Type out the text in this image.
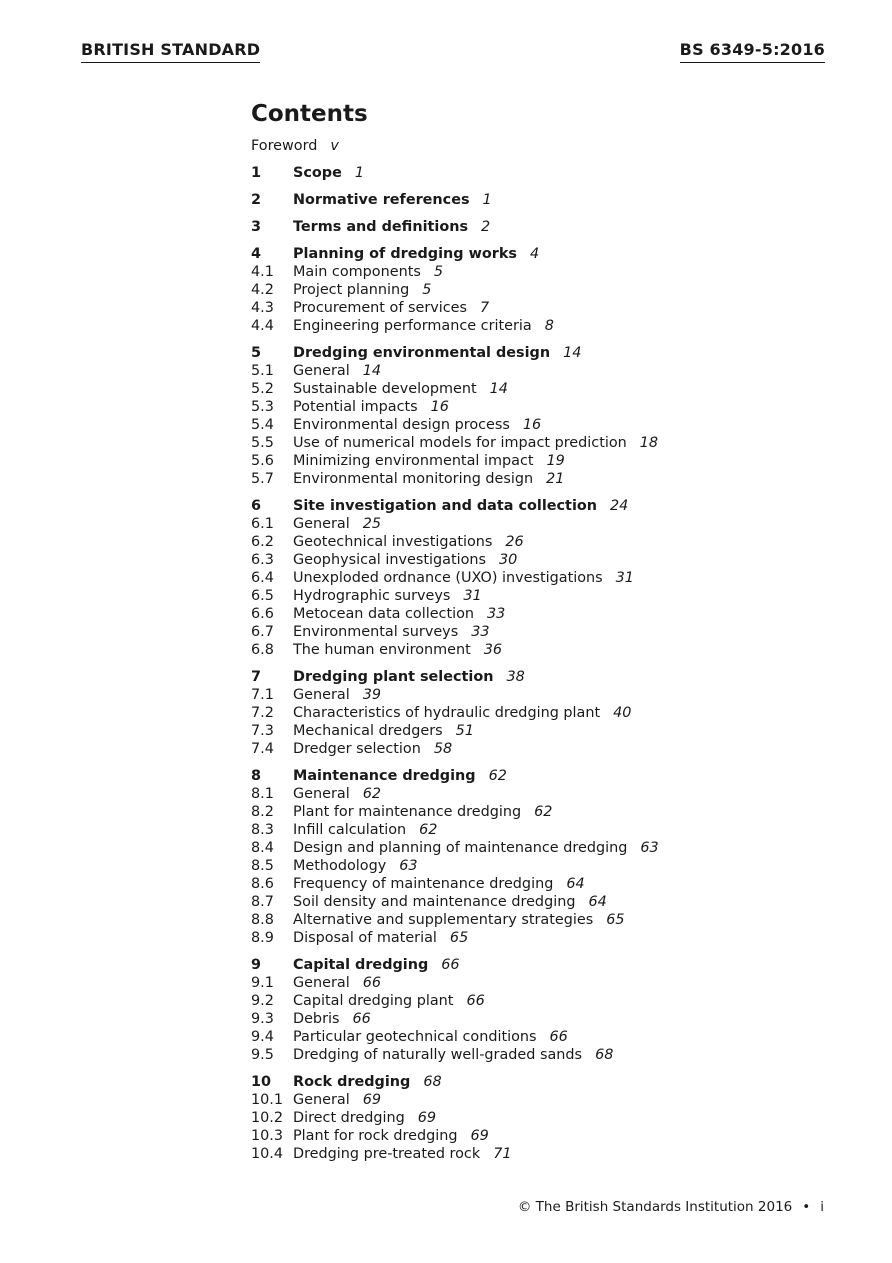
BRITISH STANDARD	BS 6349-5:2016
Contents
Foreword v
1	Scope 1
2	Normative references 1
3	Terms and definitions 2
4	Planning of dredging works 4
4.1	Main components 5
4.2	Project planning 5
4.3	Procurement of services 7
4.4	Engineering performance criteria 8
5	Dredging environmental design 14
5.1	General 14
5.2	Sustainable development 14
5.3	Potential impacts 16
5.4	Environmental design process 16
5.5	Use of numerical models for impact prediction 18
5.6	Minimizing environmental impact 19
5.7	Environmental monitoring design 21
6	Site investigation and data collection 24
6.1	General 25
6.2	Geotechnical investigations 26
6.3	Geophysical investigations 30
6.4	Unexploded ordnance (UXO) investigations 31
6.5	Hydrographic surveys 31
6.6	Metocean data collection 33
6.7	Environmental surveys 33
6.8	The human environment 36
7	Dredging plant selection 38
7.1	General 39
7.2	Characteristics of hydraulic dredging plant 40
7.3	Mechanical dredgers 51
7.4	Dredger selection 58
8	Maintenance dredging 62
8.1	General 62
8.2	Plant for maintenance dredging 62
8.3	Infill calculation 62
8.4	Design and planning of maintenance dredging 63
8.5	Methodology 63
8.6	Frequency of maintenance dredging 64
8.7	Soil density and maintenance dredging 64
8.8	Alternative and supplementary strategies 65
8.9	Disposal of material 65
9	Capital dredging 66
9.1	General 66
9.2	Capital dredging plant 66
9.3	Debris 66
9.4	Particular geotechnical conditions 66
9.5	Dredging of naturally well-graded sands 68
10	Rock dredging 68
10.1 General 69
10.2 Direct dredging 69
10.3 Plant for rock dredging 69
10.4 Dredging pre-treated rock 71
© The British Standards Institution 2016 • i
